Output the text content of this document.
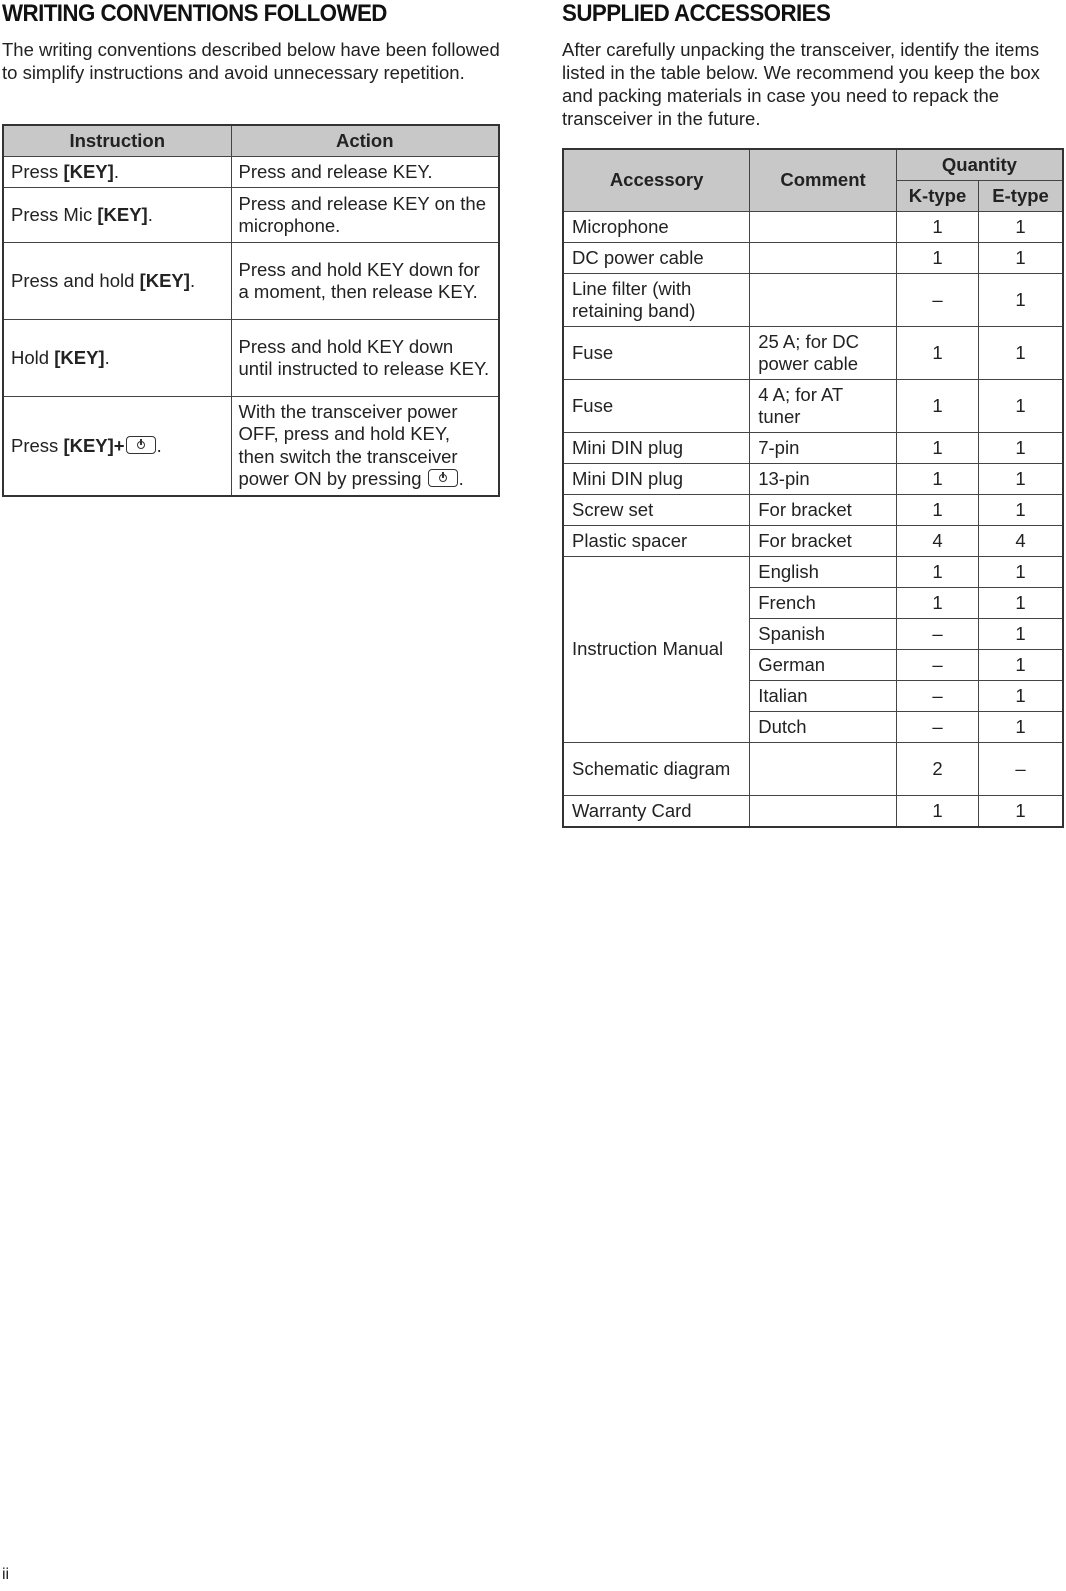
WRITING CONVENTIONS FOLLOWED

The writing conventions described below have been followed to simplify instructions and avoid unnecessary repetition.

Instruction	Action
Press [KEY].	Press and release KEY.
Press Mic [KEY].	Press and release KEY on the microphone.
Press and hold [KEY].	Press and hold KEY down for a moment, then release KEY.
Hold [KEY].	Press and hold KEY down until instructed to release KEY.
Press [KEY]+ .	With the transceiver power OFF, press and hold KEY, then switch the transceiver power ON by pressing .
SUPPLIED ACCESSORIES

After carefully unpacking the transceiver, identify the items listed in the table below. We recommend you keep the box and packing materials in case you need to repack the transceiver in the future.

Accessory	Comment	Quantity	
		K-type	E-type
Microphone		1	1
DC power cable		1	1
Line filter (with retaining band)		–	1
Fuse	25 A; for DC power cable	1	1
Fuse	4 A; for AT tuner	1	1
Mini DIN plug	7-pin	1	1
Mini DIN plug	13-pin	1	1
Screw set	For bracket	1	1
Plastic spacer	For bracket	4	4
Instruction Manual	English	1	1
	French	1	1
	Spanish	–	1
	German	–	1
	Italian	–	1
	Dutch	–	1
Schematic diagram		2	–
Warranty Card		1	1
ii
